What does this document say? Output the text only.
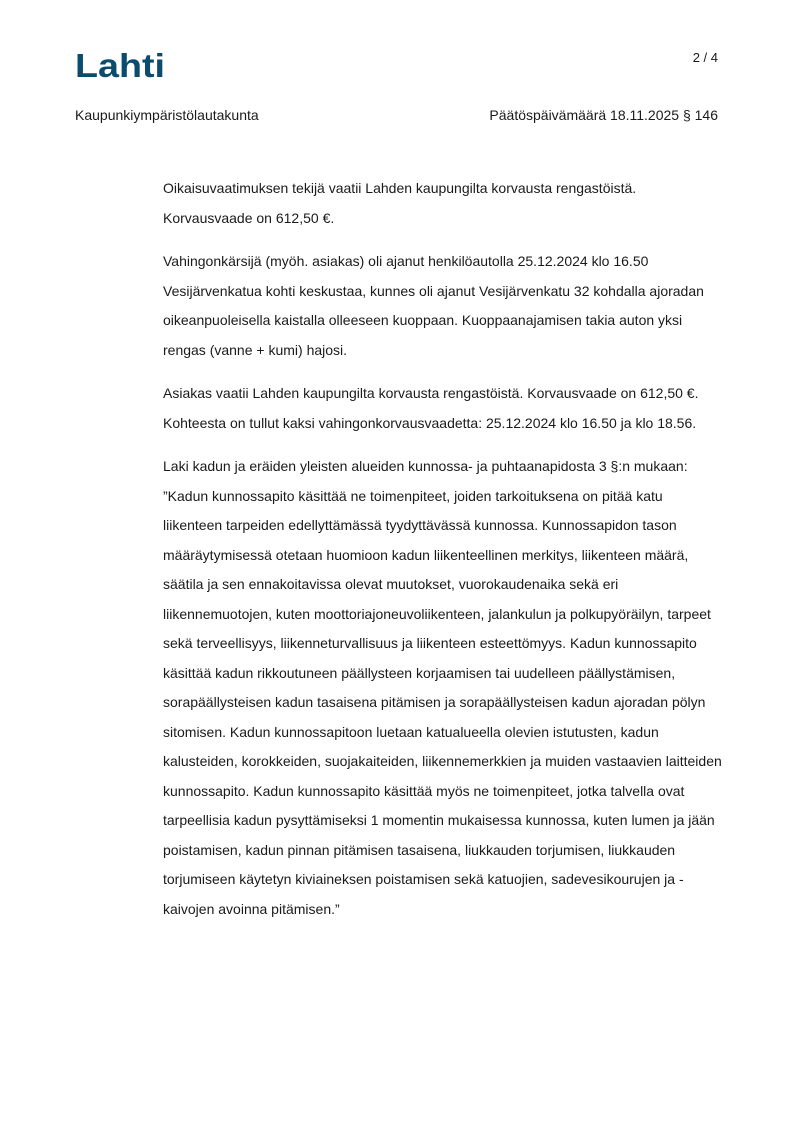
Lahti	2 / 4
Kaupunkiympäristölautakunta	Päätöspäivämäärä 18.11.2025 § 146

Oikaisuvaatimuksen tekijä vaatii Lahden kaupungilta korvausta rengastöistä. Korvausvaade on 612,50 €.

Vahingonkärsijä (myöh. asiakas) oli ajanut henkilöautolla 25.12.2024 klo 16.50 Vesijärvenkatua kohti keskustaa, kunnes oli ajanut Vesijärvenkatu 32 kohdalla ajoradan oikeanpuoleisella kaistalla olleeseen kuoppaan. Kuoppaanajamisen takia auton yksi rengas (vanne + kumi) hajosi.

Asiakas vaatii Lahden kaupungilta korvausta rengastöistä. Korvausvaade on 612,50 €. Kohteesta on tullut kaksi vahingonkorvausvaadetta: 25.12.2024 klo 16.50 ja klo 18.56.

Laki kadun ja eräiden yleisten alueiden kunnossa- ja puhtaanapidosta 3 §:n mukaan: ”Kadun kunnossapito käsittää ne toimenpiteet, joiden tarkoituksena on pitää katu liikenteen tarpeiden edellyttämässä tyydyttävässä kunnossa. Kunnossapidon tason määräytymisessä otetaan huomioon kadun liikenteellinen merkitys, liikenteen määrä, säätila ja sen ennakoitavissa olevat muutokset, vuorokaudenaika sekä eri liikennemuotojen, kuten moottoriajoneuvoliikenteen, jalankulun ja polkupyöräilyn, tarpeet sekä terveellisyys, liikenneturvallisuus ja liikenteen esteettömyys. Kadun kunnossapito käsittää kadun rikkoutuneen päällysteen korjaamisen tai uudelleen päällystämisen, sorapäällysteisen kadun tasaisena pitämisen ja sorapäällysteisen kadun ajoradan pölyn sitomisen. Kadun kunnossapitoon luetaan katualueella olevien istutusten, kadun kalusteiden, korokkeiden, suojakaiteiden, liikennemerkkien ja muiden vastaavien laitteiden kunnossapito. Kadun kunnossapito käsittää myös ne toimenpiteet, jotka talvella ovat tarpeellisia kadun pysyttämiseksi 1 momentin mukaisessa kunnossa, kuten lumen ja jään poistamisen, kadun pinnan pitämisen tasaisena, liukkauden torjumisen, liukkauden torjumiseen käytetyn kiviaineksen poistamisen sekä katuojien, sadevesikourujen ja -kaivojen avoinna pitämisen.”
